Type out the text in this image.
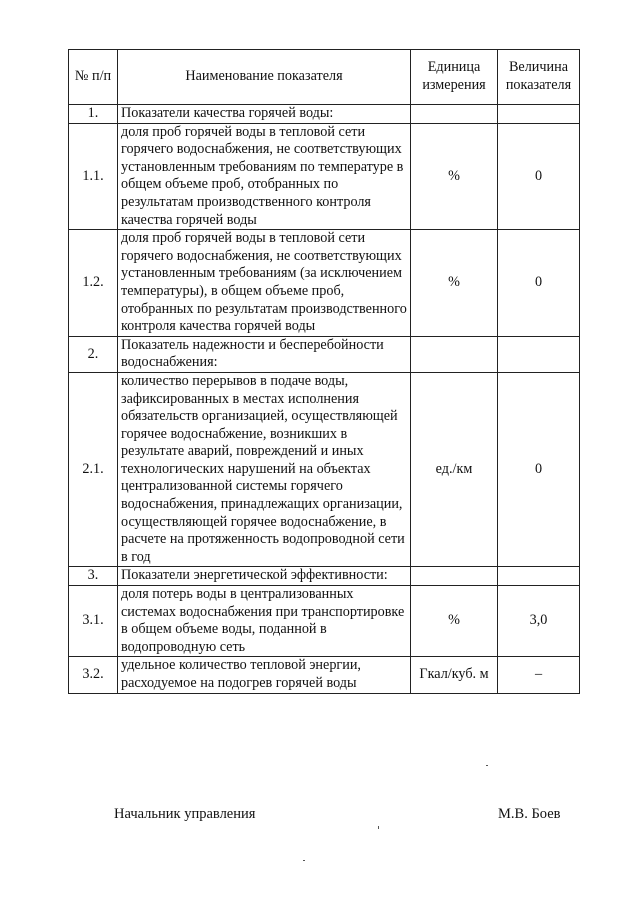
№ п/п	Наименование показателя	Единица измерения	Величина показателя
1.	Показатели качества горячей воды:		
1.1.	доля проб горячей воды в тепловой сети горячего водоснабжения, не соответствующих установленным требованиям по температуре в общем объеме проб, отобранных по результатам производственного контроля качества горячей воды	%	0
1.2.	доля проб горячей воды в тепловой сети горячего водоснабжения, не соответствующих установленным требованиям (за исключением температуры), в общем объеме проб, отобранных по результатам производственного контроля качества горячей воды	%	0
2.	Показатель надежности и бесперебойности водоснабжения:		
2.1.	количество перерывов в подаче воды, зафиксированных в местах исполнения обязательств организацией, осуществляющей горячее водоснабжение, возникших в результате аварий, повреждений и иных технологических нарушений на объектах централизованной системы горячего водоснабжения, принадлежащих организации, осуществляющей горячее водоснабжение, в расчете на протяженность водопроводной сети в год	ед./км	0
3.	Показатели энергетической эффективности:		
3.1.	доля потерь воды в централизованных системах водоснабжения при транспортировке в общем объеме воды, поданной в водопроводную сеть	%	3,0
3.2.	удельное количество тепловой энергии, расходуемое на подогрев горячей воды	Гкал/куб. м	–
Начальник управления	М.В. Боев
